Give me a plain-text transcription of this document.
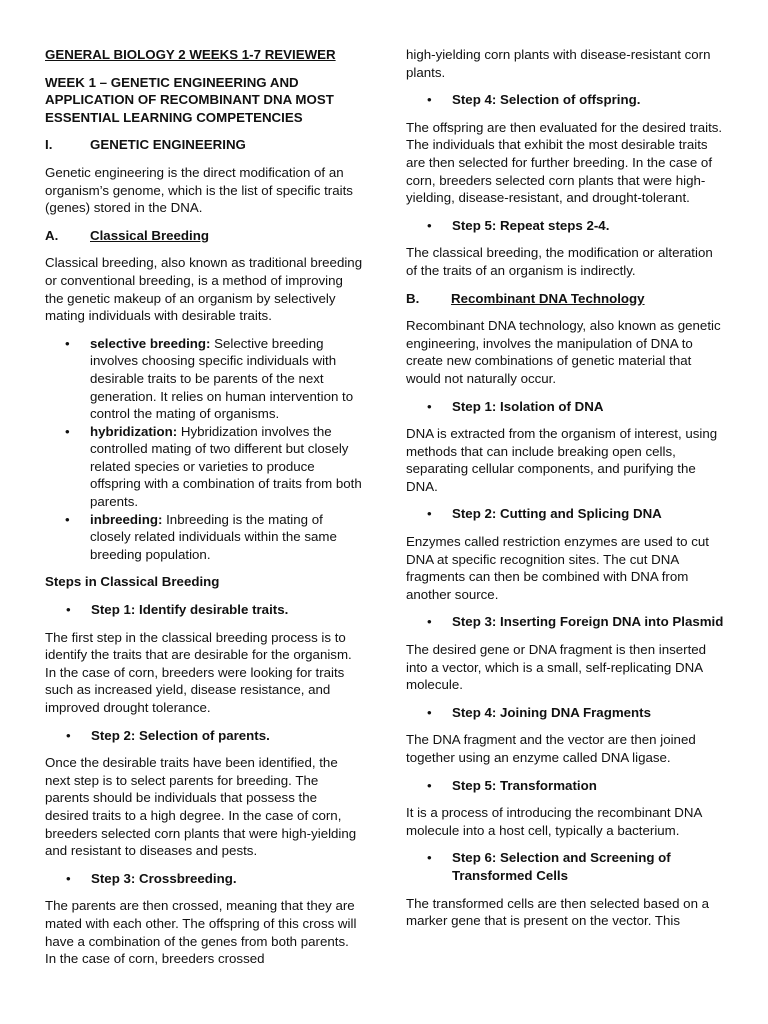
GENERAL BIOLOGY 2 WEEKS 1-7 REVIEWER

WEEK 1 – GENETIC ENGINEERING AND APPLICATION OF RECOMBINANT DNA MOST ESSENTIAL LEARNING COMPETENCIES

I.	GENETIC ENGINEERING

Genetic engineering is the direct modification of an organism’s genome, which is the list of specific traits (genes) stored in the DNA.

A. Classical Breeding

Classical breeding, also known as traditional breeding or conventional breeding, is a method of improving the genetic makeup of an organism by selectively mating individuals with desirable traits.

• selective breeding: Selective breeding involves choosing specific individuals with desirable traits to be parents of the next generation. It relies on human intervention to control the mating of organisms.
• hybridization: Hybridization involves the controlled mating of two different but closely related species or varieties to produce offspring with a combination of traits from both parents.
• inbreeding: Inbreeding is the mating of closely related individuals within the same breeding population.

Steps in Classical Breeding

• Step 1: Identify desirable traits.

The first step in the classical breeding process is to identify the traits that are desirable for the organism. In the case of corn, breeders were looking for traits such as increased yield, disease resistance, and improved drought tolerance.

• Step 2: Selection of parents.

Once the desirable traits have been identified, the next step is to select parents for breeding. The parents should be individuals that possess the desired traits to a high degree. In the case of corn, breeders selected corn plants that were high-yielding and resistant to diseases and pests.

• Step 3: Crossbreeding.

The parents are then crossed, meaning that they are mated with each other. The offspring of this cross will have a combination of the genes from both parents. In the case of corn, breeders crossed

high-yielding corn plants with disease-resistant corn plants.

• Step 4: Selection of offspring.

The offspring are then evaluated for the desired traits. The individuals that exhibit the most desirable traits are then selected for further breeding. In the case of corn, breeders selected corn plants that were high-yielding, disease-resistant, and drought-tolerant.

• Step 5: Repeat steps 2-4.

The classical breeding, the modification or alteration of the traits of an organism is indirectly.

B. Recombinant DNA Technology

Recombinant DNA technology, also known as genetic engineering, involves the manipulation of DNA to create new combinations of genetic material that would not naturally occur.

• Step 1: Isolation of DNA

DNA is extracted from the organism of interest, using methods that can include breaking open cells, separating cellular components, and purifying the DNA.

• Step 2: Cutting and Splicing DNA

Enzymes called restriction enzymes are used to cut DNA at specific recognition sites. The cut DNA fragments can then be combined with DNA from another source.

• Step 3: Inserting Foreign DNA into Plasmid

The desired gene or DNA fragment is then inserted into a vector, which is a small, self-replicating DNA molecule.

• Step 4: Joining DNA Fragments

The DNA fragment and the vector are then joined together using an enzyme called DNA ligase.

• Step 5: Transformation

It is a process of introducing the recombinant DNA molecule into a host cell, typically a bacterium.

• Step 6: Selection and Screening of Transformed Cells

The transformed cells are then selected based on a marker gene that is present on the vector. This
